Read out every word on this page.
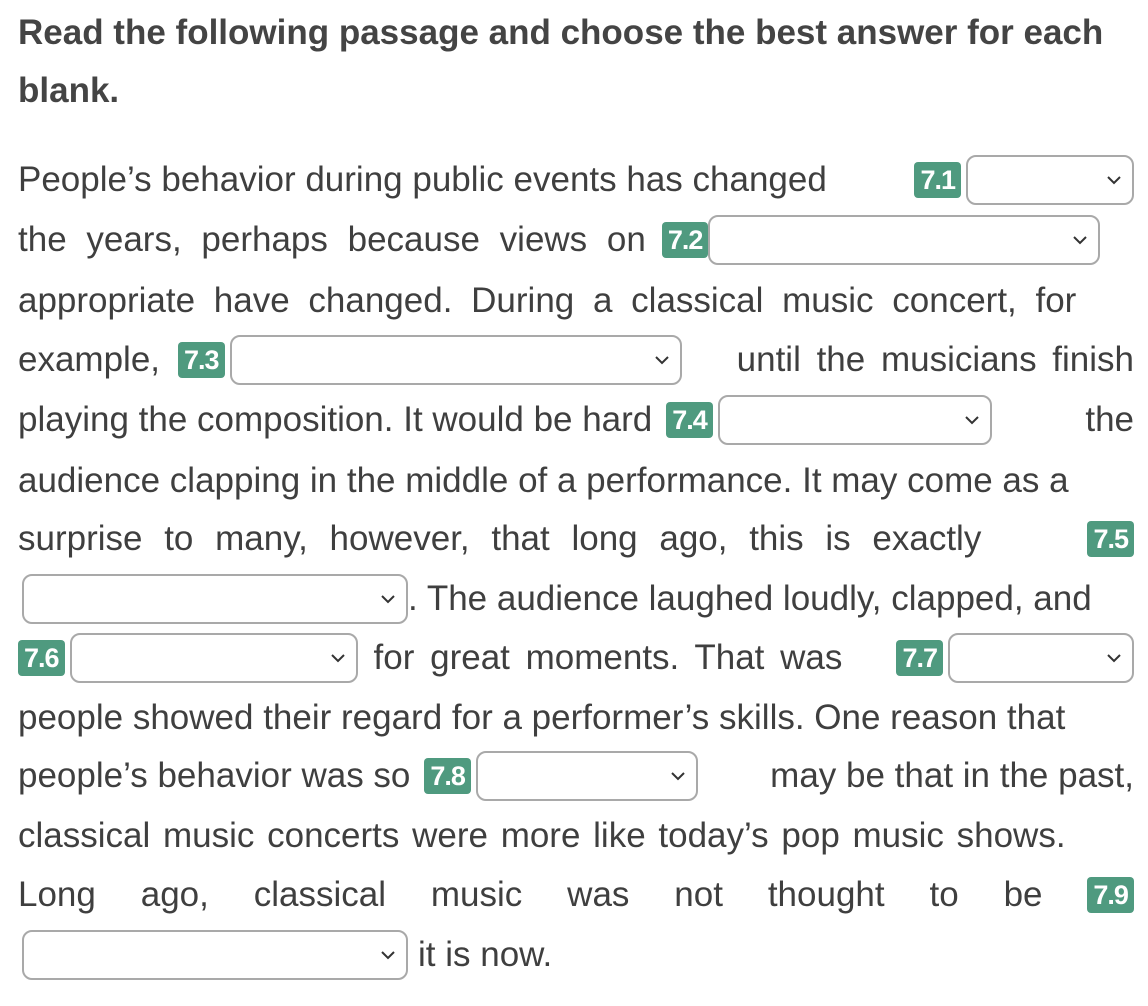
Read the following passage and choose the best answer for each blank.

People’s behavior during public events has changed	7.1
the years, perhaps because views on 7.2
appropriate have changed. During a classical music concert, for
example, 7.3	until the musicians finish
playing the composition. It would be hard 7.4	the
audience clapping in the middle of a performance. It may come as a
surprise to many, however, that long ago, this is exactly	7.5
. The audience laughed loudly, clapped, and
7.6	for great moments. That was 7.7
people showed their regard for a performer’s skills. One reason that
people’s behavior was so 7.8	may be that in the past,
classical music concerts were more like today’s pop music shows.
Long ago, classical music was not thought to be 7.9
it is now.
